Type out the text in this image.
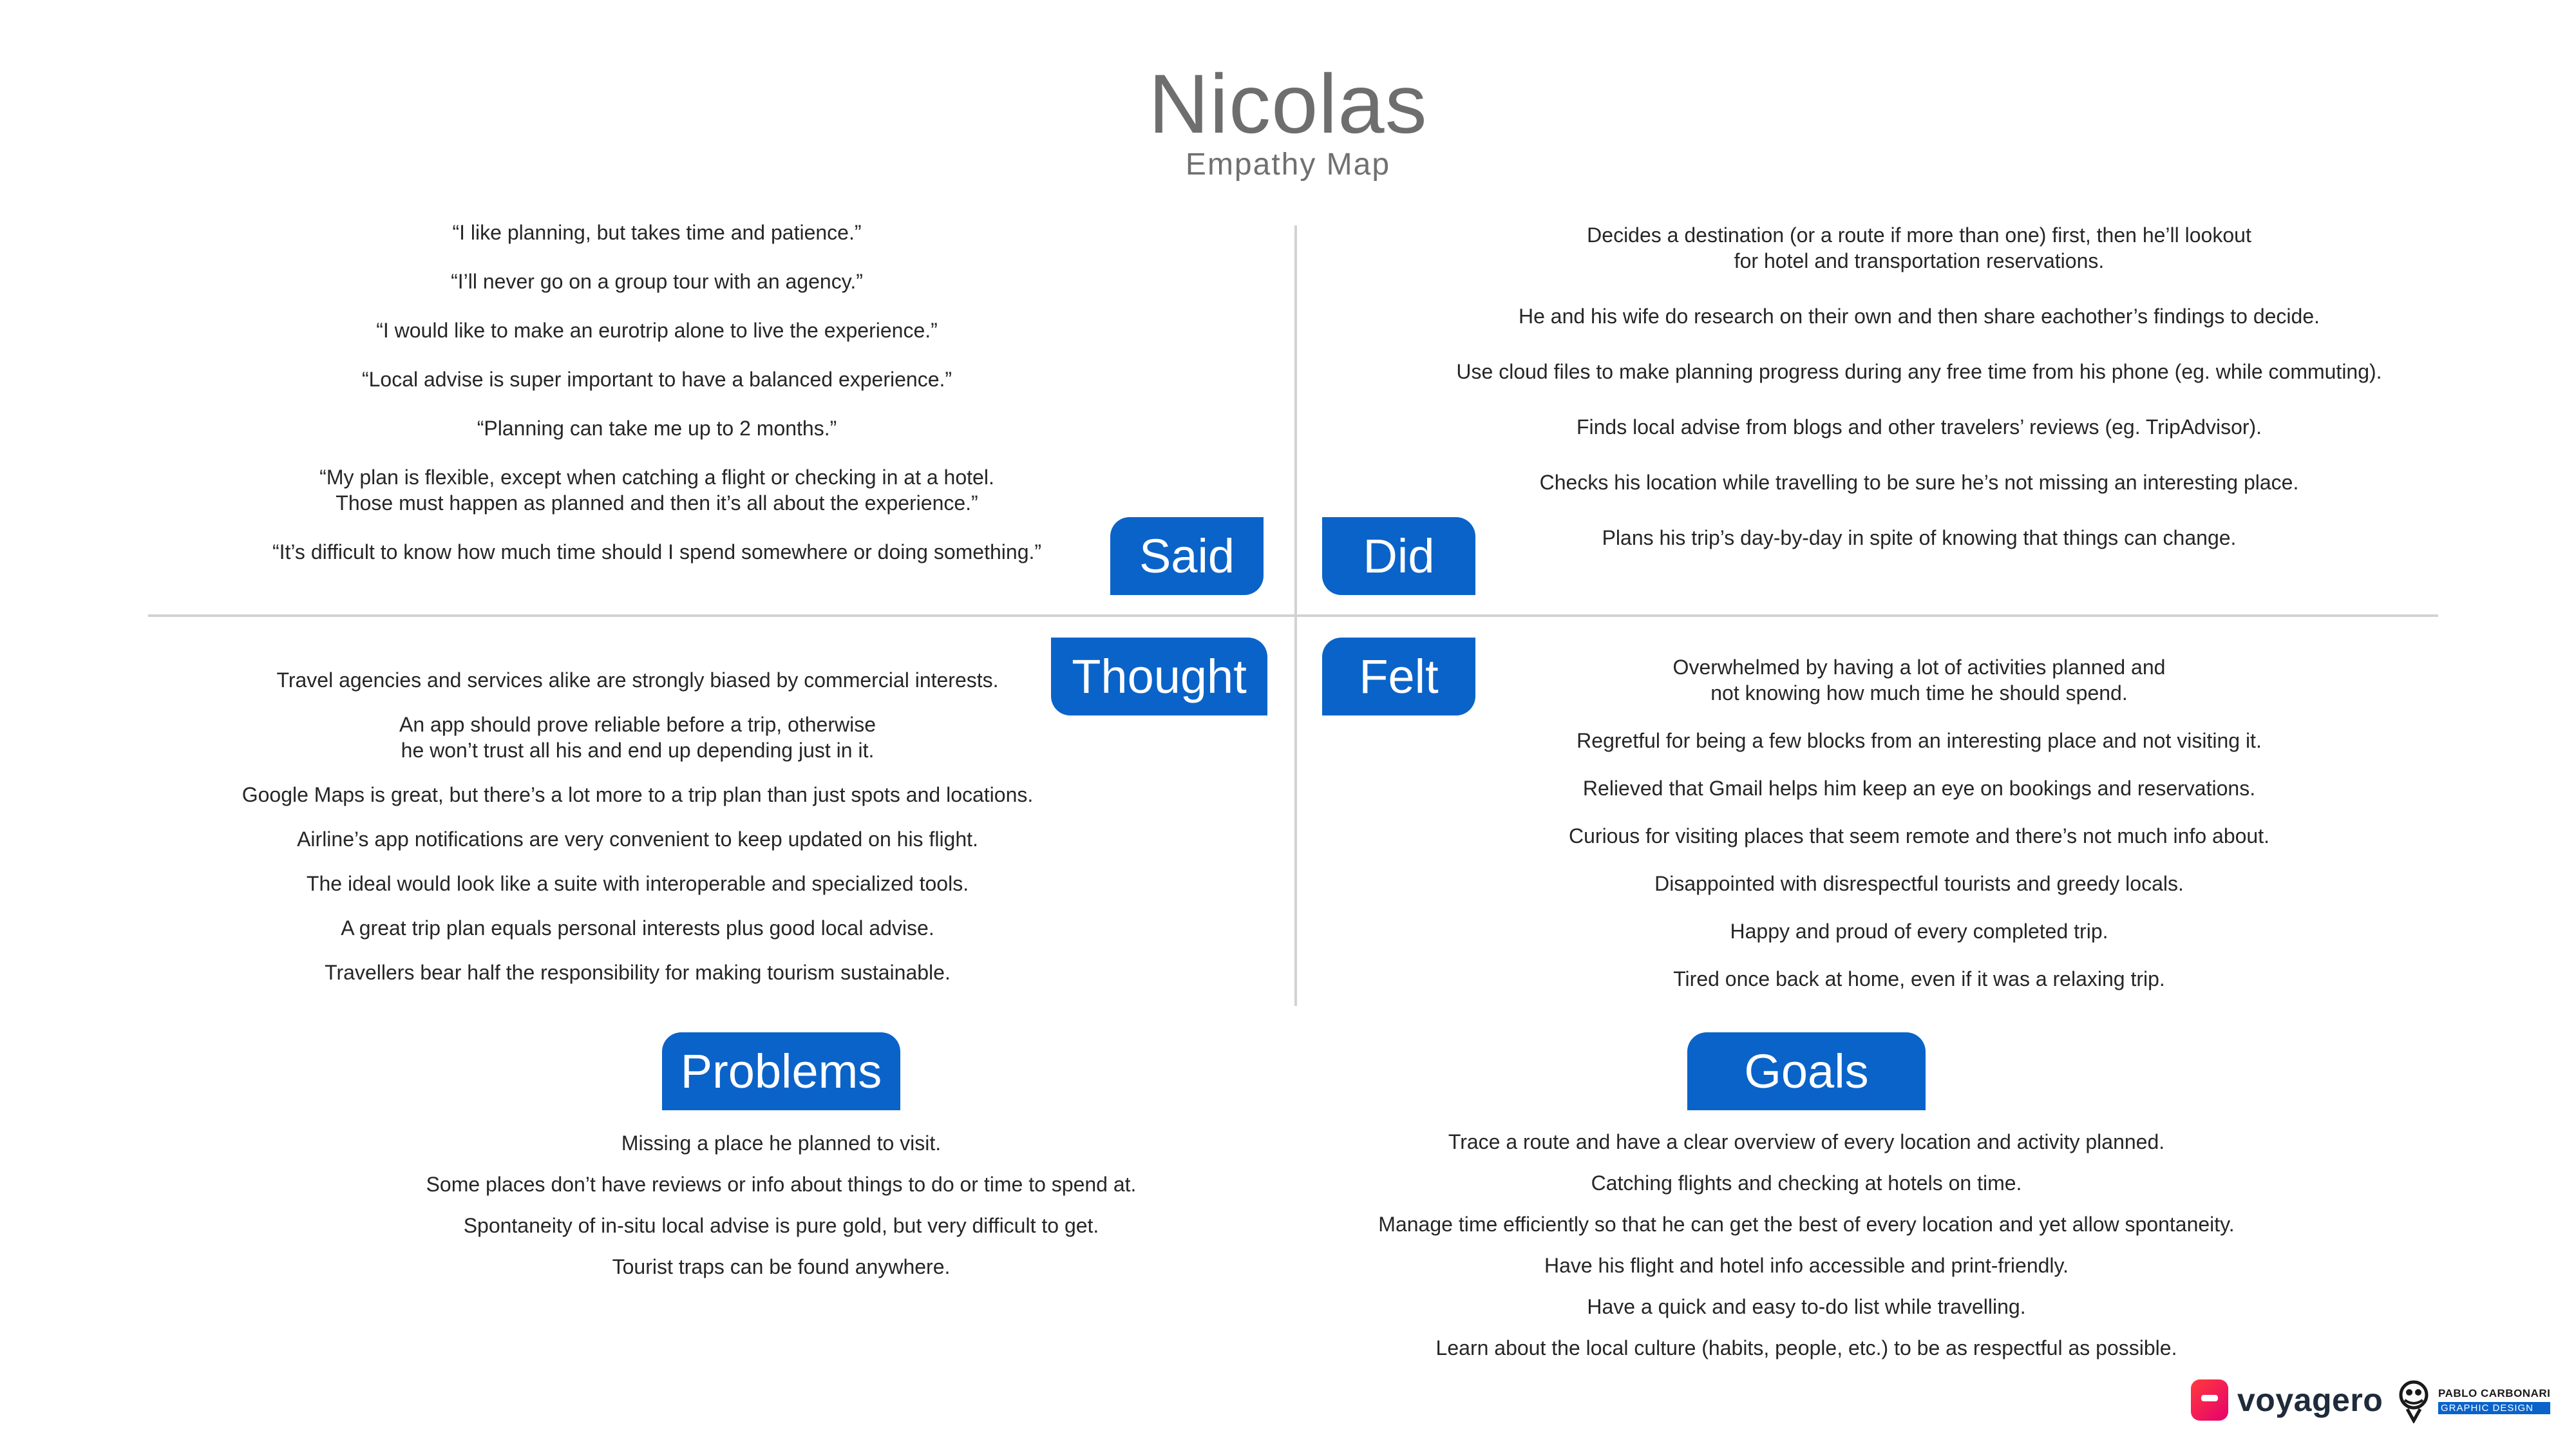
Nicolas
Empathy Map
“I like planning, but takes time and patience.”
“I’ll never go on a group tour with an agency.”
“I would like to make an eurotrip alone to live the experience.”
“Local advise is super important to have a balanced experience.”
“Planning can take me up to 2 months.”
“My plan is flexible, except when catching a flight or checking in at a hotel.
Those must happen as planned and then it’s all about the experience.”
“It’s difficult to know how much time should I spend somewhere or doing something.”	Said
Decides a destination (or a route if more than one) first, then he’ll lookout
for hotel and transportation reservations.
He and his wife do research on their own and then share eachother’s findings to decide.
Use cloud files to make planning progress during any free time from his phone (eg. while commuting).
Finds local advise from blogs and other travelers’ reviews (eg. TripAdvisor).
Checks his location while travelling to be sure he’s not missing an interesting place.
Plans his trip’s day-by-day in spite of knowing that things can change.
Did
Thought
Travel agencies and services alike are strongly biased by commercial interests.
An app should prove reliable before a trip, otherwise
he won’t trust all his and end up depending just in it.
Google Maps is great, but there’s a lot more to a trip plan than just spots and locations.
Airline’s app notifications are very convenient to keep updated on his flight.
The ideal would look like a suite with interoperable and specialized tools.
A great trip plan equals personal interests plus good local advise.
Travellers bear half the responsibility for making tourism sustainable.
Felt	Overwhelmed by having a lot of activities planned and
not knowing how much time he should spend.
Regretful for being a few blocks from an interesting place and not visiting it.
Relieved that Gmail helps him keep an eye on bookings and reservations.
Curious for visiting places that seem remote and there’s not much info about.
Disappointed with disrespectful tourists and greedy locals.
Happy and proud of every completed trip.
Tired once back at home, even if it was a relaxing trip.
Problems
Missing a place he planned to visit.
Some places don’t have reviews or info about things to do or time to spend at.
Spontaneity of in-situ local advise is pure gold, but very difficult to get.
Tourist traps can be found anywhere.
Goals
Trace a route and have a clear overview of every location and activity planned.
Catching flights and checking at hotels on time.
Manage time efficiently so that he can get the best of every location and yet allow spontaneity.
Have his flight and hotel info accessible and print-friendly.
Have a quick and easy to-do list while travelling.
Learn about the local culture (habits, people, etc.) to be as respectful as possible.
voyagero	PABLO CARBONARI
GRAPHIC DESIGN
